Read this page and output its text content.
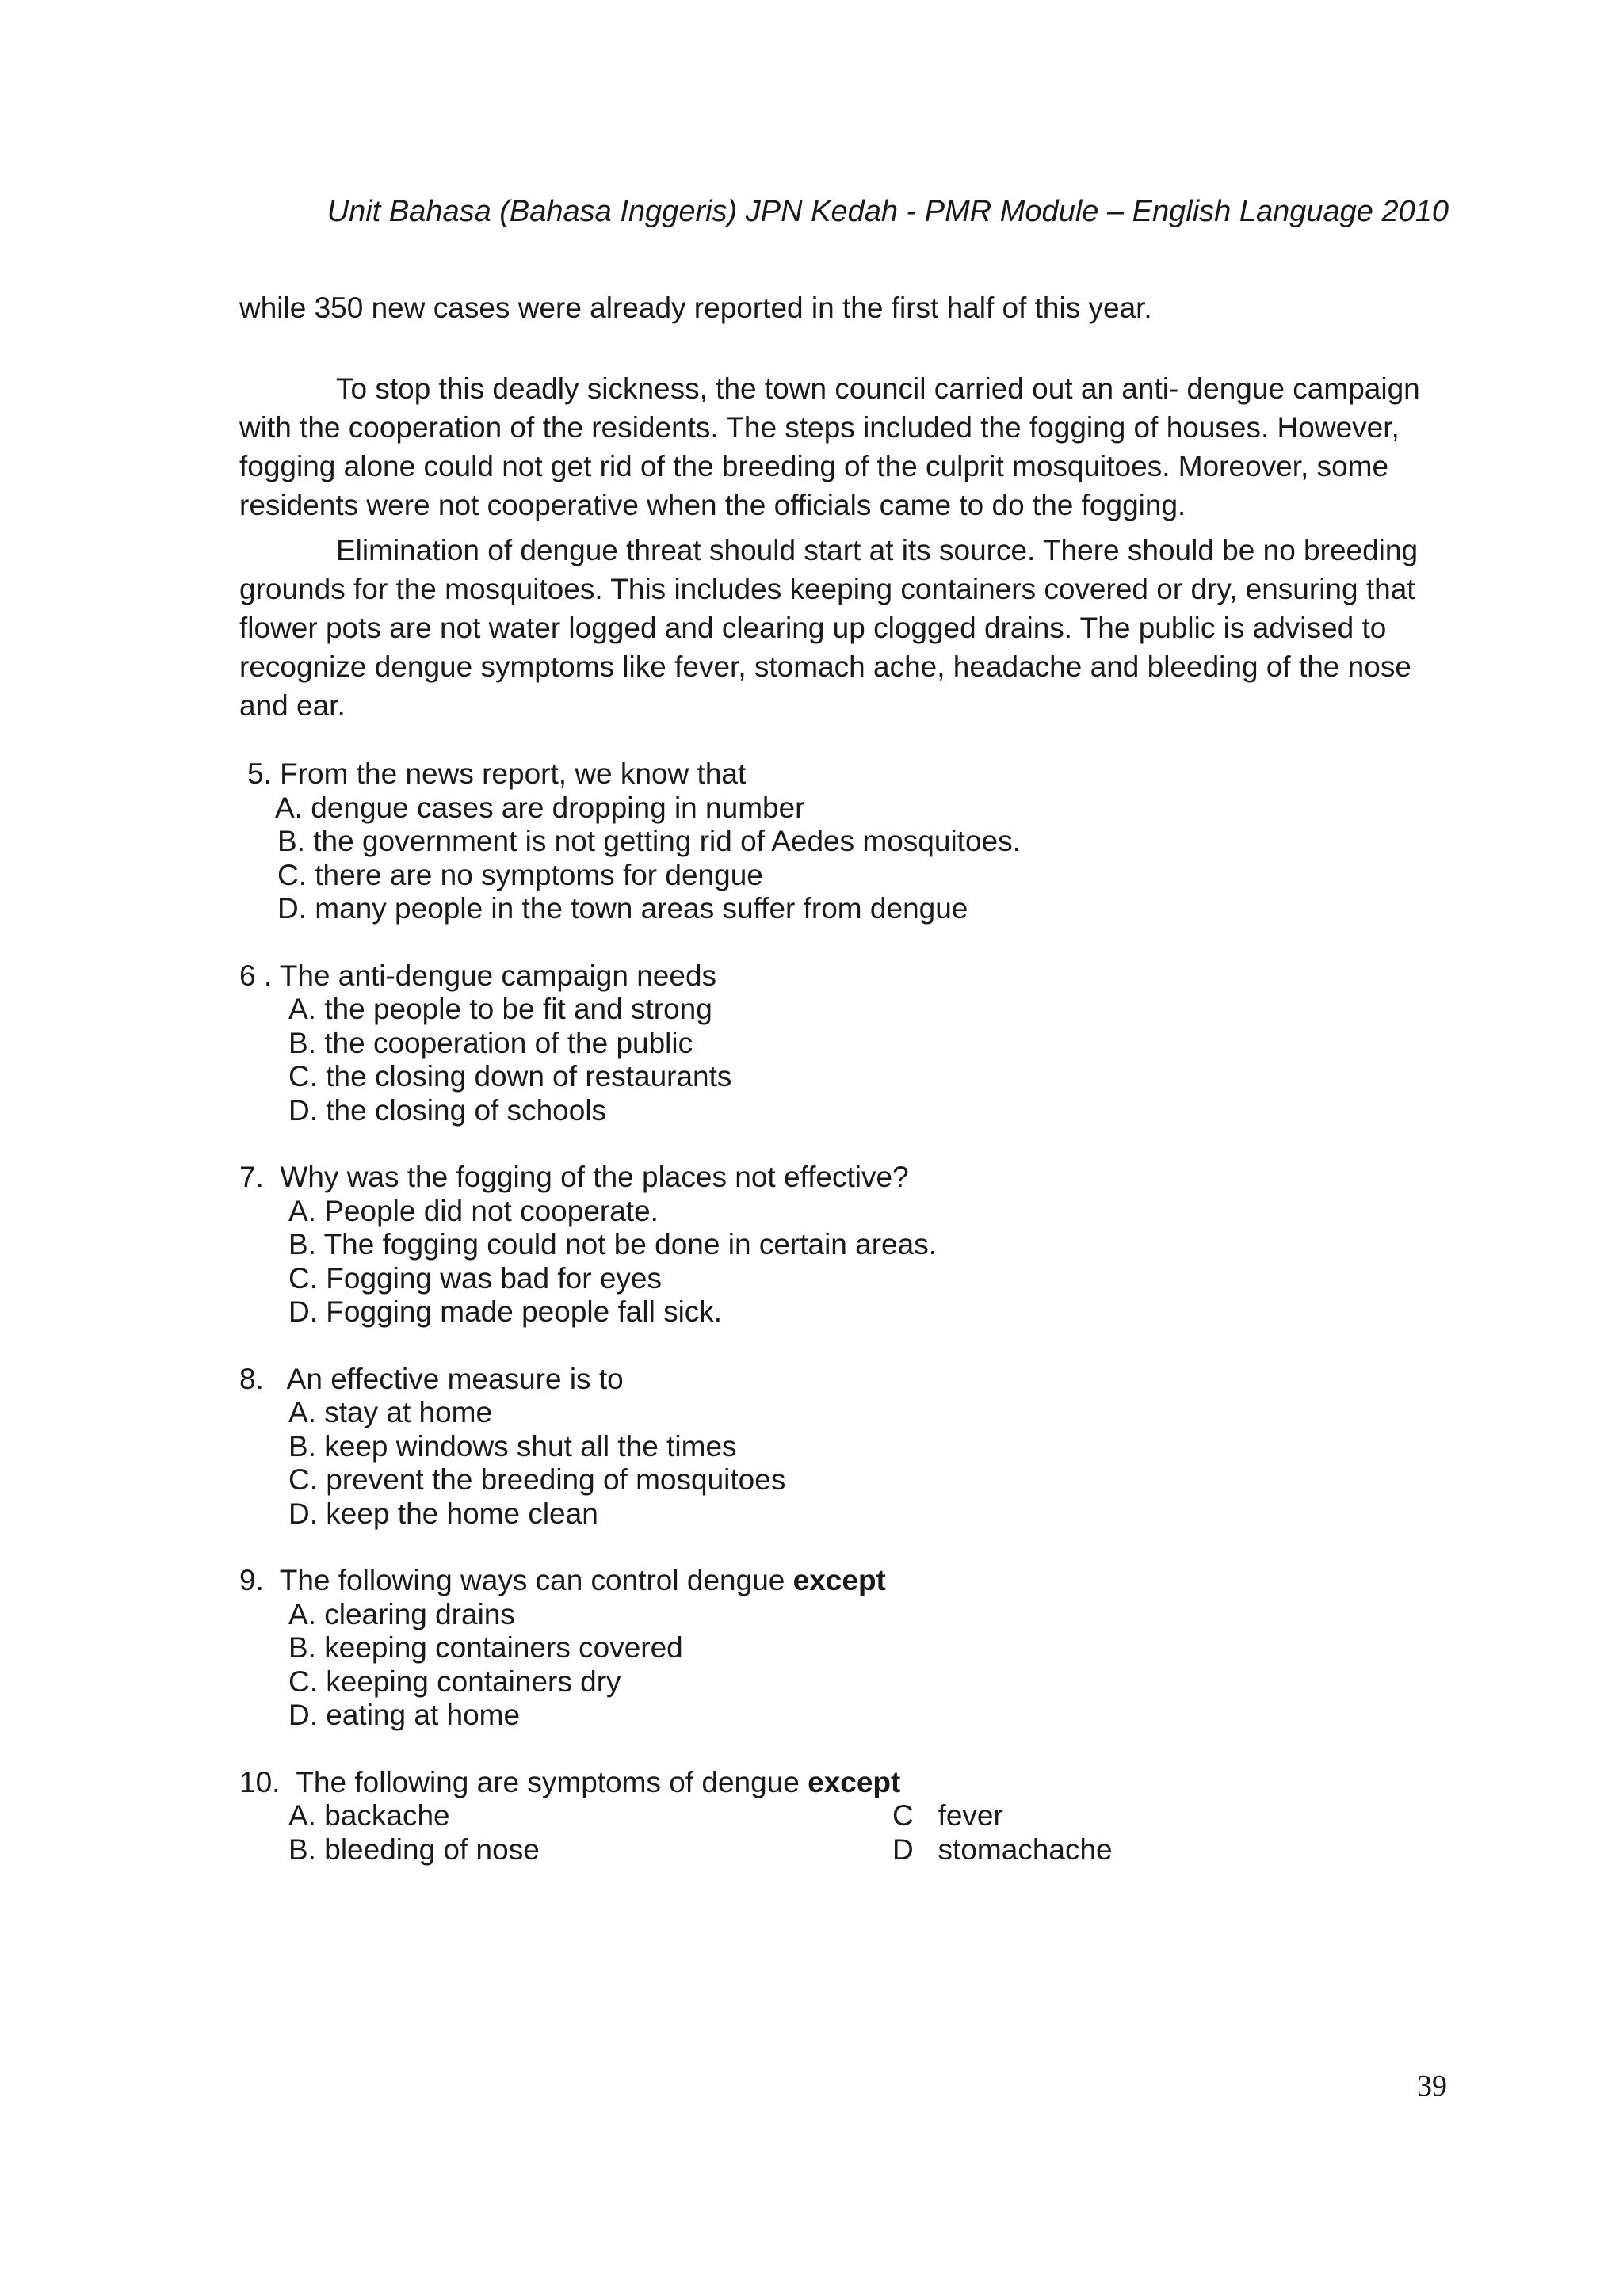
Unit Bahasa (Bahasa Inggeris) JPN Kedah - PMR Module – English Language 2010
while 350 new cases were already reported in the first half of this year.
To stop this deadly sickness, the town council carried out an anti- dengue campaign
with the cooperation of the residents. The steps included the fogging of houses. However,
fogging alone could not get rid of the breeding of the culprit mosquitoes. Moreover, some
residents were not cooperative when the officials came to do the fogging.
Elimination of dengue threat should start at its source. There should be no breeding
grounds for the mosquitoes. This includes keeping containers covered or dry, ensuring that
flower pots are not water logged and clearing up clogged drains. The public is advised to
recognize dengue symptoms like fever, stomach ache, headache and bleeding of the nose
and ear.
5. From the news report, we know that
A. dengue cases are dropping in number
B. the government is not getting rid of Aedes mosquitoes.
C. there are no symptoms for dengue
D. many people in the town areas suffer from dengue
6 . The anti-dengue campaign needs
A. the people to be fit and strong
B. the cooperation of the public
C. the closing down of restaurants
D. the closing of schools
7.  Why was the fogging of the places not effective?
A. People did not cooperate.
B. The fogging could not be done in certain areas.
C. Fogging was bad for eyes
D. Fogging made people fall sick.
8.   An effective measure is to
A. stay at home
B. keep windows shut all the times
C. prevent the breeding of mosquitoes
D. keep the home clean
9.  The following ways can control dengue except
A. clearing drains
B. keeping containers covered
C. keeping containers dry
D. eating at home
10.  The following are symptoms of dengue except
A. backache	C   fever
B. bleeding of nose	D   stomachache
39
